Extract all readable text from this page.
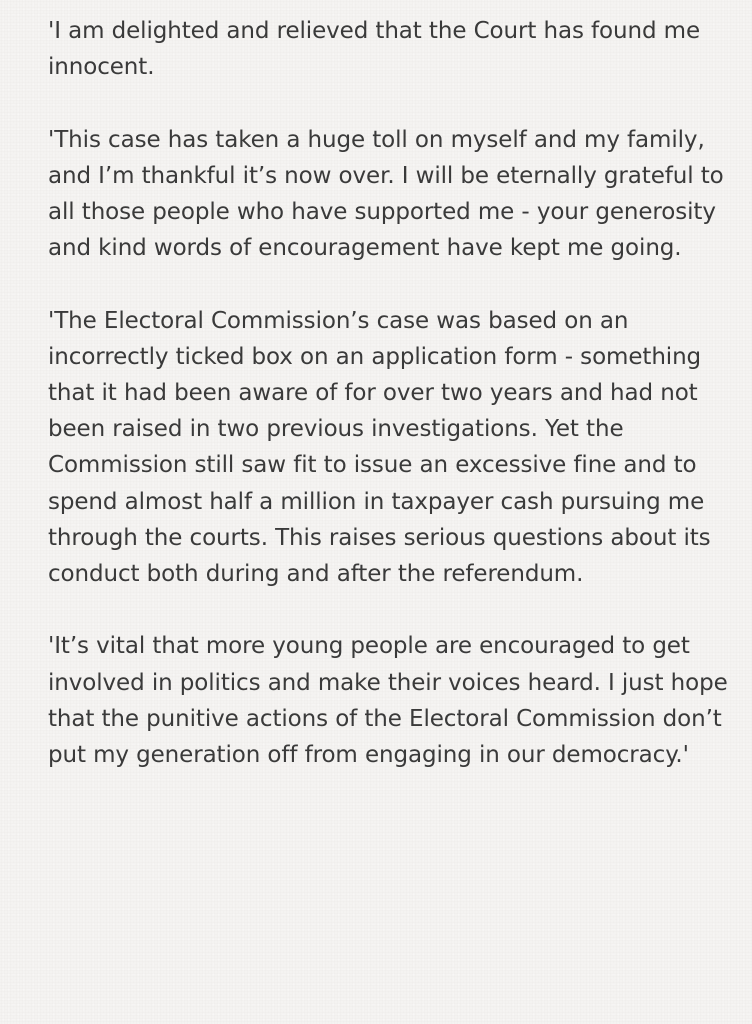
'I am delighted and relieved that the Court has found me innocent.

'This case has taken a huge toll on myself and my family, and I’m thankful it’s now over. I will be eternally grateful to all those people who have supported me - your generosity and kind words of encouragement have kept me going.

'The Electoral Commission’s case was based on an incorrectly ticked box on an application form - something that it had been aware of for over two years and had not been raised in two previous investigations. Yet the Commission still saw fit to issue an excessive fine and to spend almost half a million in taxpayer cash pursuing me through the courts. This raises serious questions about its conduct both during and after the referendum.

'It’s vital that more young people are encouraged to get involved in politics and make their voices heard. I just hope that the punitive actions of the Electoral Commission don’t put my generation off from engaging in our democracy.'
